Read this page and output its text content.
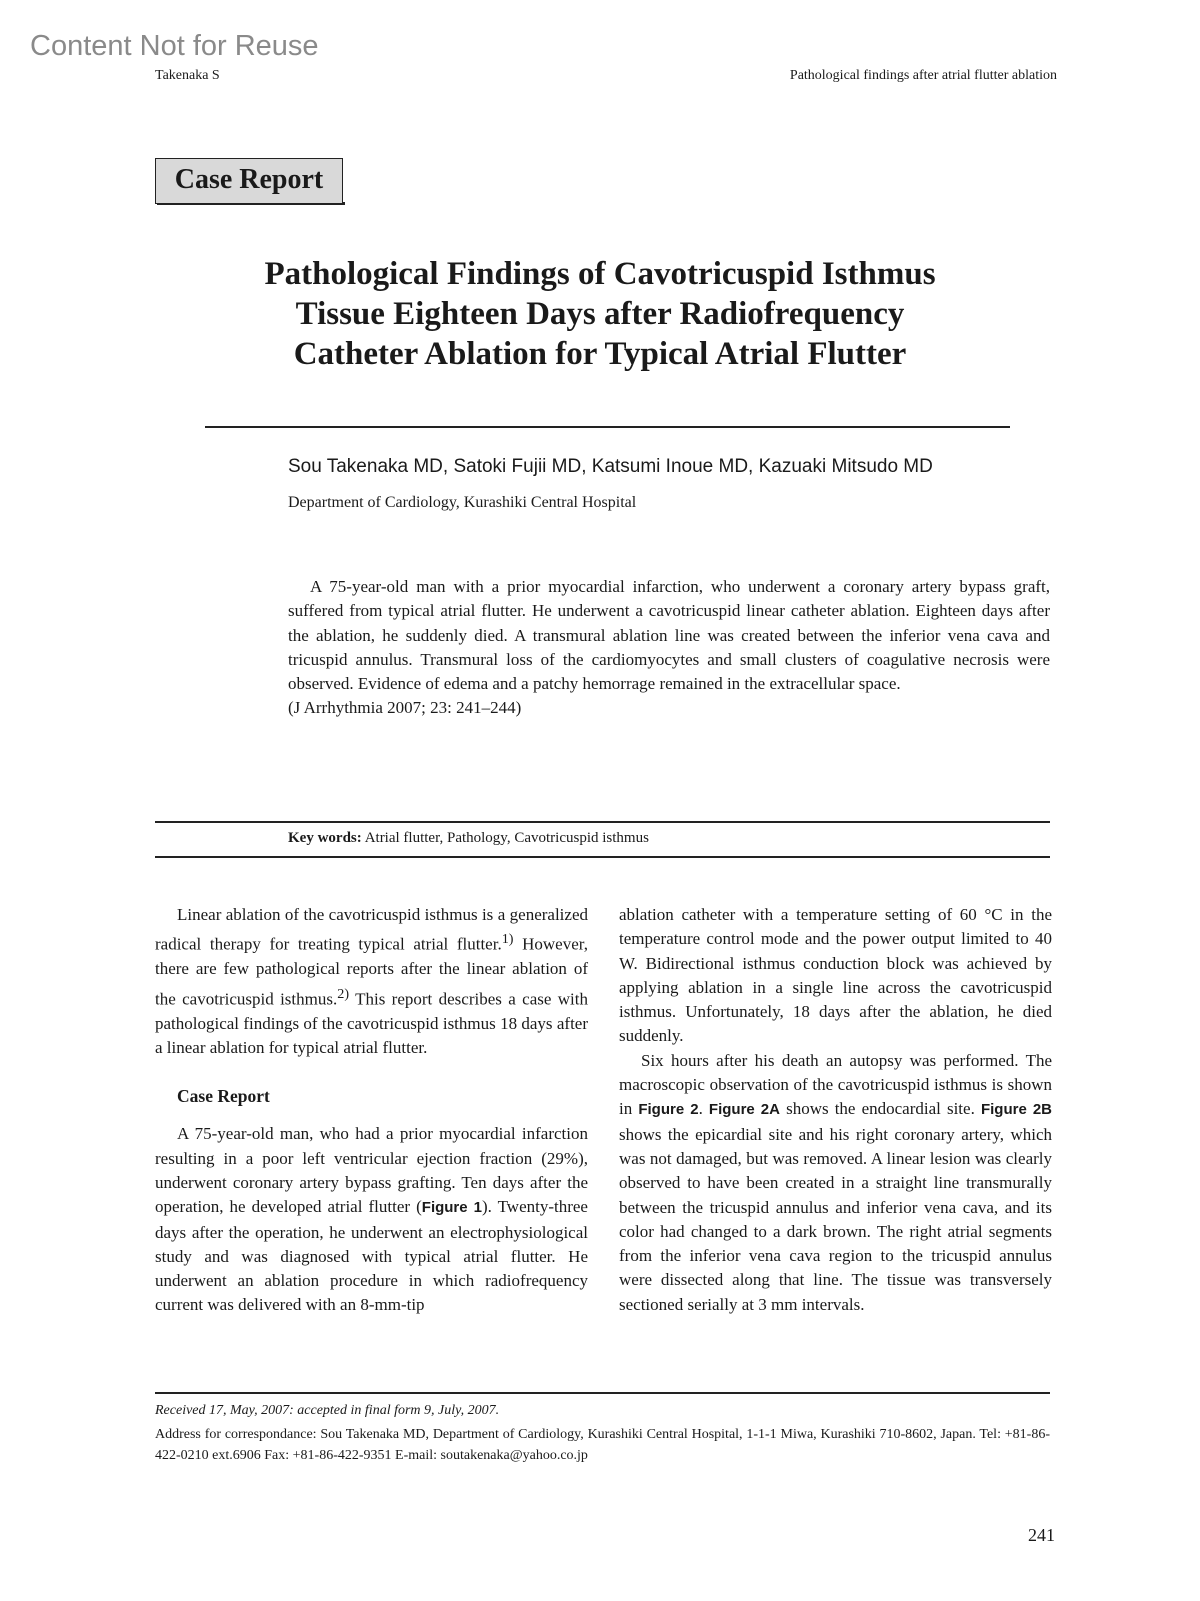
Content Not for Reuse
Takenaka S	Pathological findings after atrial flutter ablation
Case Report
Pathological Findings of Cavotricuspid Isthmus
Tissue Eighteen Days after Radiofrequency
Catheter Ablation for Typical Atrial Flutter
Sou Takenaka MD, Satoki Fujii MD, Katsumi Inoue MD, Kazuaki Mitsudo MD
Department of Cardiology, Kurashiki Central Hospital

A 75-year-old man with a prior myocardial infarction, who underwent a coronary artery bypass graft, suffered from typical atrial flutter. He underwent a cavotricuspid linear catheter ablation. Eighteen days after the ablation, he suddenly died. A transmural ablation line was created between the inferior vena cava and tricuspid annulus. Transmural loss of the cardiomyocytes and small clusters of coagulative necrosis were observed. Evidence of edema and a patchy hemorrage remained in the extracellular space.

(J Arrhythmia 2007; 23: 241–244)

Key words: Atrial flutter, Pathology, Cavotricuspid isthmus

Linear ablation of the cavotricuspid isthmus is a generalized radical therapy for treating typical atrial flutter.$^{1)}$ However, there are few pathological reports after the linear ablation of the cavotricuspid isthmus.$^{2)}$ This report describes a case with pathological findings of the cavotricuspid isthmus 18 days after a linear ablation for typical atrial flutter.

Case Report

A 75-year-old man, who had a prior myocardial infarction resulting in a poor left ventricular ejection fraction (29%), underwent coronary artery bypass grafting. Ten days after the operation, he developed atrial flutter (Figure 1). Twenty-three days after the operation, he underwent an electrophysiological study and was diagnosed with typical atrial flutter. He underwent an ablation procedure in which radiofrequency current was delivered with an 8-mm-tip

ablation catheter with a temperature setting of 60 °C in the temperature control mode and the power output limited to 40 W. Bidirectional isthmus conduction block was achieved by applying ablation in a single line across the cavotricuspid isthmus. Unfortunately, 18 days after the ablation, he died suddenly.

Six hours after his death an autopsy was performed. The macroscopic observation of the cavotricuspid isthmus is shown in Figure 2. Figure 2A shows the endocardial site. Figure 2B shows the epicardial site and his right coronary artery, which was not damaged, but was removed. A linear lesion was clearly observed to have been created in a straight line transmurally between the tricuspid annulus and inferior vena cava, and its color had changed to a dark brown. The right atrial segments from the inferior vena cava region to the tricuspid annulus were dissected along that line. The tissue was transversely sectioned serially at 3 mm intervals.

Received 17, May, 2007: accepted in final form 9, July, 2007.
Address for correspondance: Sou Takenaka MD, Department of Cardiology, Kurashiki Central Hospital, 1-1-1 Miwa, Kurashiki 710-8602, Japan. Tel: +81-86-422-0210 ext.6906 Fax: +81-86-422-9351 E-mail: soutakenaka@yahoo.co.jp
241
